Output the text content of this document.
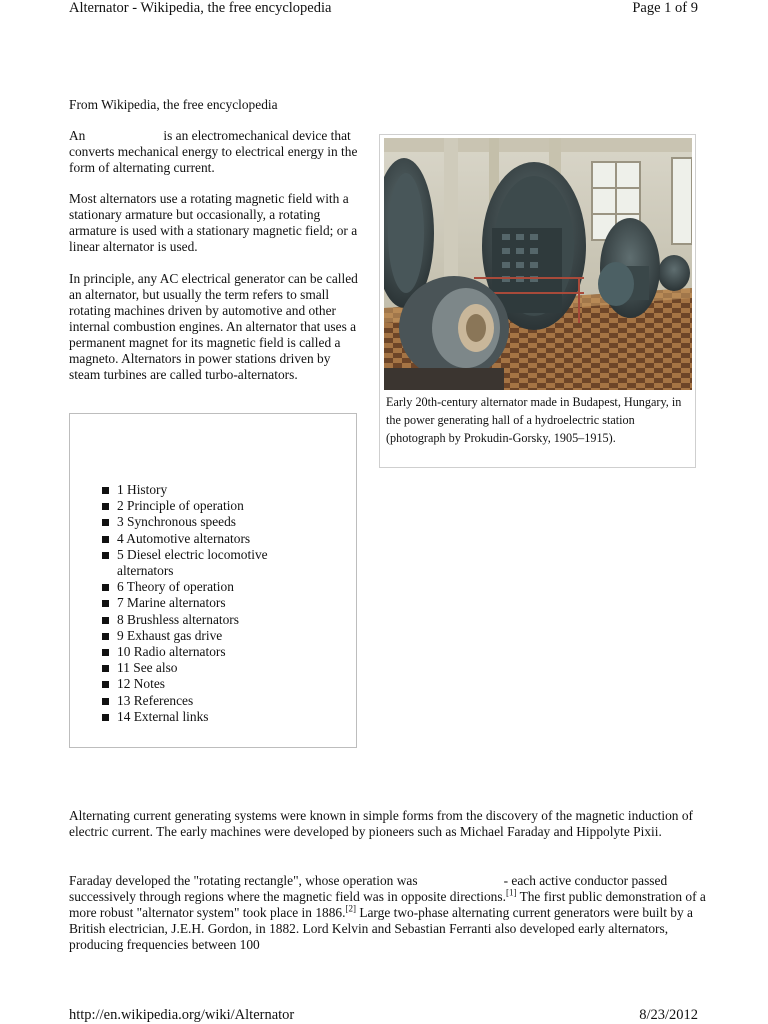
Alternator - Wikipedia, the free encyclopedia	Page 1 of 9

From Wikipedia, the free encyclopedia

An	is an electromechanical device that converts mechanical energy to electrical energy in the form of alternating current.

Most alternators use a rotating magnetic field with a stationary armature but occasionally, a rotating armature is used with a stationary magnetic field; or a linear alternator is used.

In principle, any AC electrical generator can be called an alternator, but usually the term refers to small rotating machines driven by automotive and other internal combustion engines. An alternator that uses a permanent magnet for its magnetic field is called a magneto. Alternators in power stations driven by steam turbines are called turbo-alternators.

Early 20th-century alternator made in Budapest, Hungary, in the power generating hall of a hydroelectric station (photograph by Prokudin-Gorsky, 1905–1915).

1 History
2 Principle of operation
3 Synchronous speeds
4 Automotive alternators
5 Diesel electric locomotive alternators
6 Theory of operation
7 Marine alternators
8 Brushless alternators
9 Exhaust gas drive
10 Radio alternators
11 See also
12 Notes
13 References
14 External links

Alternating current generating systems were known in simple forms from the discovery of the magnetic induction of electric current. The early machines were developed by pioneers such as Michael Faraday and Hippolyte Pixii.

Faraday developed the "rotating rectangle", whose operation was	- each active conductor passed successively through regions where the magnetic field was in opposite directions.[1] The first public demonstration of a more robust "alternator system" took place in 1886.[2] Large two-phase alternating current generators were built by a British electrician, J.E.H. Gordon, in 1882. Lord Kelvin and Sebastian Ferranti also developed early alternators, producing frequencies between 100

http://en.wikipedia.org/wiki/Alternator	8/23/2012
